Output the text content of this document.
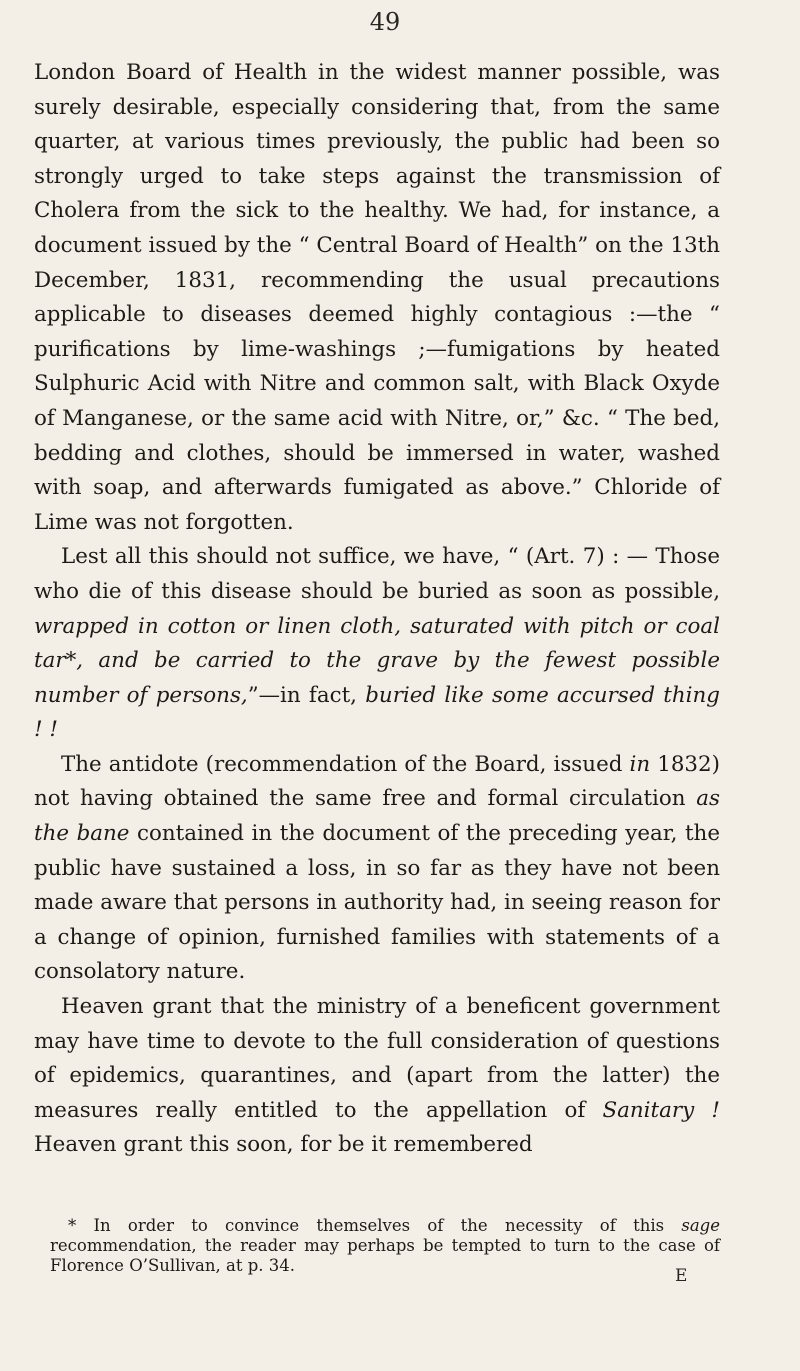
49

London Board of Health in the widest manner possible, was surely desirable, especially considering that, from the same quarter, at various times previously, the public had been so strongly urged to take steps against the transmission of Cholera from the sick to the healthy. We had, for instance, a document issued by the “ Central Board of Health” on the 13th December, 1831, recommending the usual precautions applicable to diseases deemed highly contagious :—the “ purifications by lime-washings ;—fumigations by heated Sulphuric Acid with Nitre and common salt, with Black Oxyde of Manganese, or the same acid with Nitre, or,” &c. “ The bed, bedding and clothes, should be immersed in water, washed with soap, and afterwards fumigated as above.” Chloride of Lime was not forgotten.

Lest all this should not suffice, we have, “ (Art. 7) : — Those who die of this disease should be buried as soon as possible, wrapped in cotton or linen cloth, saturated with pitch or coal tar*, and be carried to the grave by the fewest possible number of persons,”—in fact, buried like some accursed thing ! !

The antidote (recommendation of the Board, issued in 1832) not having obtained the same free and formal circulation as the bane contained in the document of the preceding year, the public have sustained a loss, in so far as they have not been made aware that persons in authority had, in seeing reason for a change of opinion, furnished families with statements of a consolatory nature.

Heaven grant that the ministry of a beneficent government may have time to devote to the full consideration of questions of epidemics, quarantines, and (apart from the latter) the measures really entitled to the appellation of Sanitary ! Heaven grant this soon, for be it remembered

* In order to convince themselves of the necessity of this sage recommendation, the reader may perhaps be tempted to turn to the case of Florence O’Sullivan, at p. 34.

E
